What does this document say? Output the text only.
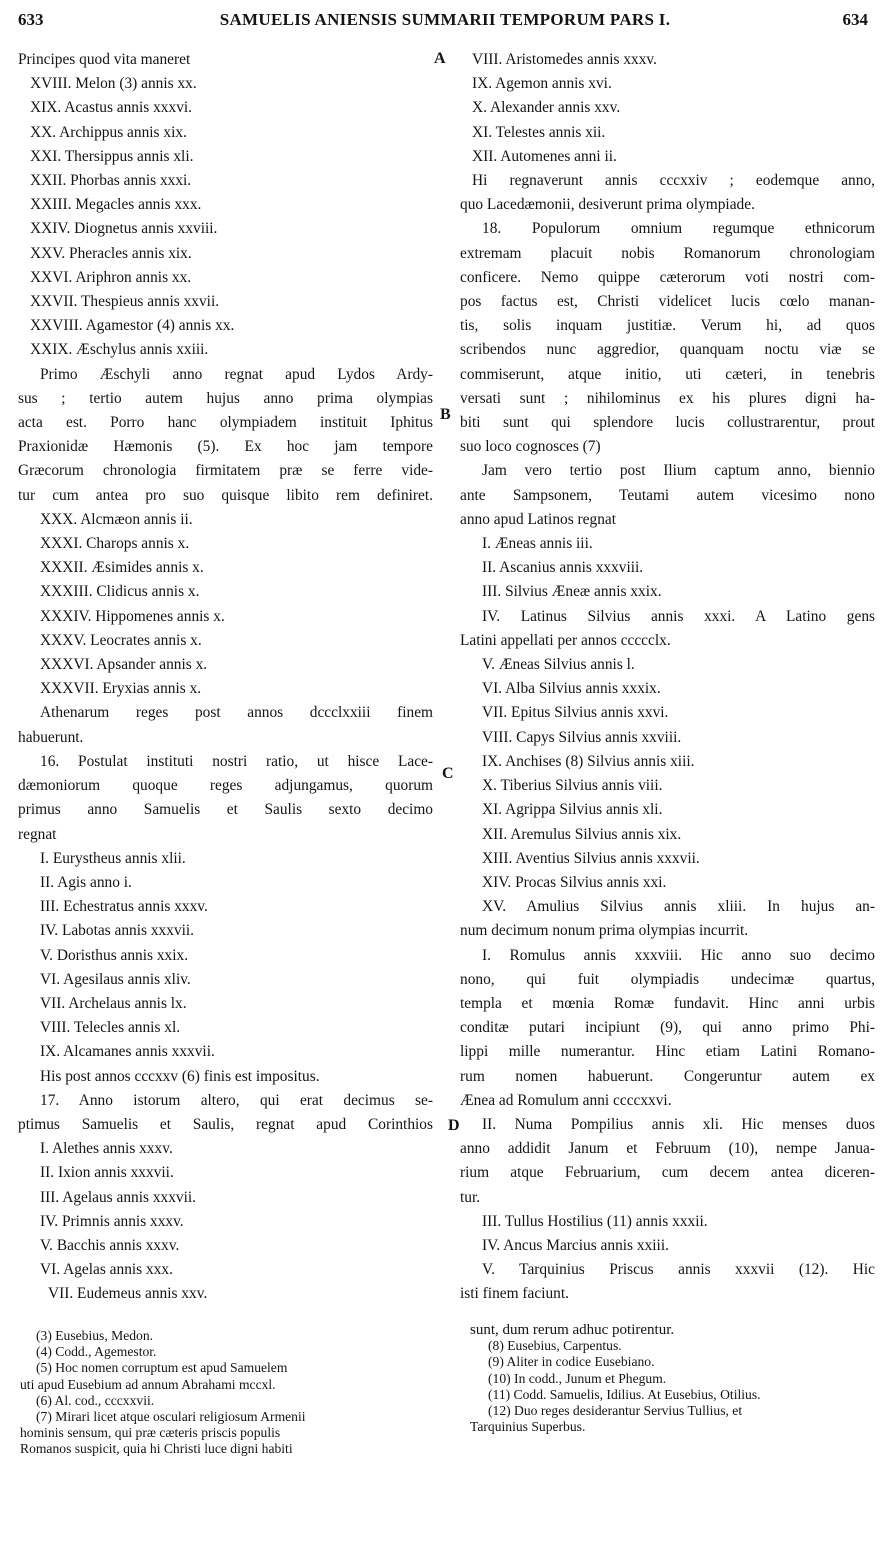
633	SAMUELIS ANIENSIS SUMMARII TEMPORUM PARS I.	634
Principes quod vita maneret
XVIII. Melon (3) annis xx.
XIX. Acastus annis xxxvi.
XX. Archippus annis xix.
XXI. Thersippus annis xli.
XXII. Phorbas annis xxxi.
XXIII. Megacles annis xxx.
XXIV. Diognetus annis xxviii.
XXV. Pheracles annis xix.
XXVI. Ariphron annis xx.
XXVII. Thespieus annis xxvii.
XXVIII. Agamestor (4) annis xx.
XXIX. Æschylus annis xxiii.
Primo Æschyli anno regnat apud Lydos Ardy-
sus ; tertio autem hujus anno prima olympias
acta est. Porro hanc olympiadem instituit Iphitus
Praxionidæ Hæmonis (5). Ex hoc jam tempore
Græcorum chronologia firmitatem præ se ferre vide-
tur cum antea pro suo quisque libito rem definiret.
XXX. Alcmæon annis ii.
XXXI. Charops annis x.
XXXII. Æsimides annis x.
XXXIII. Clidicus annis x.
XXXIV. Hippomenes annis x.
XXXV. Leocrates annis x.
XXXVI. Apsander annis x.
XXXVII. Eryxias annis x.
Athenarum reges post annos dccclxxiii finem
habuerunt.
16. Postulat instituti nostri ratio, ut hisce Lace-
dæmoniorum quoque reges adjungamus, quorum
primus anno Samuelis et Saulis sexto decimo
regnat
I. Eurystheus annis xlii.
II. Agis anno i.
III. Echestratus annis xxxv.
IV. Labotas annis xxxvii.
V. Doristhus annis xxix.
VI. Agesilaus annis xliv.
VII. Archelaus annis lx.
VIII. Telecles annis xl.
IX. Alcamanes annis xxxvii.
His post annos cccxxv (6) finis est impositus.
17. Anno istorum altero, qui erat decimus se-
ptimus Samuelis et Saulis, regnat apud Corinthios
I. Alethes annis xxxv.
II. Ixion annis xxxvii.
III. Agelaus annis xxxvii.
IV. Primnis annis xxxv.
V. Bacchis annis xxxv.
VI. Agelas annis xxx.
VII. Eudemeus annis xxv.
A
B
C
D
VIII. Aristomedes annis xxxv.
IX. Agemon annis xvi.
X. Alexander annis xxv.
XI. Telestes annis xii.
XII. Automenes anni ii.
Hi regnaverunt annis cccxxiv ; eodemque anno,
quo Lacedæmonii, desiverunt prima olympiade.
18. Populorum omnium regumque ethnicorum
extremam placuit nobis Romanorum chronologiam
conficere. Nemo quippe cæterorum voti nostri com-
pos factus est, Christi videlicet lucis cœlo manan-
tis, solis inquam justitiæ. Verum hi, ad quos
scribendos nunc aggredior, quanquam noctu viæ se
commiserunt, atque initio, uti cæteri, in tenebris
versati sunt ; nihilominus ex his plures digni ha-
biti sunt qui splendore lucis collustrarentur, prout
suo loco cognosces (7)
Jam vero tertio post Ilium captum anno, biennio
ante Sampsonem, Teutami autem vicesimo nono
anno apud Latinos regnat
I. Æneas annis iii.
II. Ascanius annis xxxviii.
III. Silvius Æneæ annis xxix.
IV. Latinus Silvius annis xxxi. A Latino gens
Latini appellati per annos ccccclx.
V. Æneas Silvius annis l.
VI. Alba Silvius annis xxxix.
VII. Epitus Silvius annis xxvi.
VIII. Capys Silvius annis xxviii.
IX. Anchises (8) Silvius annis xiii.
X. Tiberius Silvius annis viii.
XI. Agrippa Silvius annis xli.
XII. Aremulus Silvius annis xix.
XIII. Aventius Silvius annis xxxvii.
XIV. Procas Silvius annis xxi.
XV. Amulius Silvius annis xliii. In hujus an-
num decimum nonum prima olympias incurrit.
I. Romulus annis xxxviii. Hic anno suo decimo
nono, qui fuit olympiadis undecimæ quartus,
templa et mœnia Romæ fundavit. Hinc anni urbis
conditæ putari incipiunt (9), qui anno primo Phi-
lippi mille numerantur. Hinc etiam Latini Romano-
rum nomen habuerunt. Congeruntur autem ex
Ænea ad Romulum anni ccccxxvi.
II. Numa Pompilius annis xli. Hic menses duos
anno addidit Janum et Februum (10), nempe Janua-
rium atque Februarium, cum decem antea diceren-
tur.
III. Tullus Hostilius (11) annis xxxii.
IV. Ancus Marcius annis xxiii.
V. Tarquinius Priscus annis xxxvii (12). Hic
isti finem faciunt.
(3) Eusebius, Medon.
(4) Codd., Agemestor.
(5) Hoc nomen corruptum est apud Samuelem
uti apud Eusebium ad annum Abrahami mccxl.
(6) Al. cod., cccxxvii.
(7) Mirari licet atque osculari religiosum Armenii
hominis sensum, qui præ cæteris priscis populis
Romanos suspicit, quia hi Christi luce digni habiti
sunt, dum rerum adhuc potirentur.
(8) Eusebius, Carpentus.
(9) Aliter in codice Eusebiano.
(10) In codd., Junum et Phegum.
(11) Codd. Samuelis, Idilius. At Eusebius, Otilius.
(12) Duo reges desiderantur Servius Tullius, et
Tarquinius Superbus.
